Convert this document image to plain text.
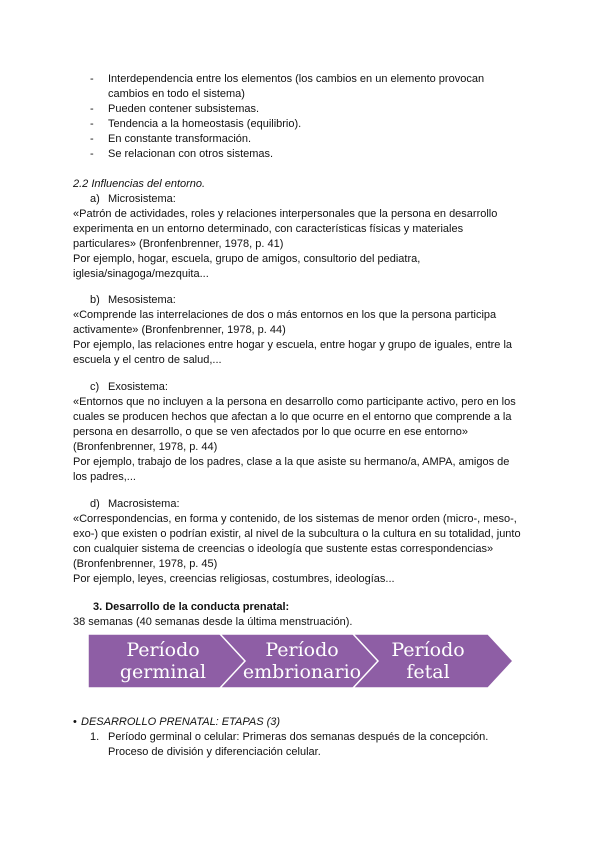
- Interdependencia entre los elementos (los cambios en un elemento provocan
cambios en todo el sistema)
- Pueden contener subsistemas.
- Tendencia a la homeostasis (equilibrio).
- En constante transformación.
- Se relacionan con otros sistemas.
2.2 Influencias del entorno.
a) Microsistema:
«Patrón de actividades, roles y relaciones interpersonales que la persona en desarrollo
experimenta en un entorno determinado, con características físicas y materiales
particulares» (Bronfenbrenner, 1978, p. 41)
Por ejemplo, hogar, escuela, grupo de amigos, consultorio del pediatra,
iglesia/sinagoga/mezquita...
b) Mesosistema:
«Comprende las interrelaciones de dos o más entornos en los que la persona participa
activamente» (Bronfenbrenner, 1978, p. 44)
Por ejemplo, las relaciones entre hogar y escuela, entre hogar y grupo de iguales, entre la
escuela y el centro de salud,...
c) Exosistema:
«Entornos que no incluyen a la persona en desarrollo como participante activo, pero en los
cuales se producen hechos que afectan a lo que ocurre en el entorno que comprende a la
persona en desarrollo, o que se ven afectados por lo que ocurre en ese entorno»
(Bronfenbrenner, 1978, p. 44)
Por ejemplo, trabajo de los padres, clase a la que asiste su hermano/a, AMPA, amigos de
los padres,...
d) Macrosistema:
«Correspondencias, en forma y contenido, de los sistemas de menor orden (micro-, meso-,
exo-) que existen o podrían existir, al nivel de la subcultura o la cultura en su totalidad, junto
con cualquier sistema de creencias o ideología que sustente estas correspondencias»
(Bronfenbrenner, 1978, p. 45)
Por ejemplo, leyes, creencias religiosas, costumbres, ideologías...
3. Desarrollo de la conducta prenatal:
38 semanas (40 semanas desde la última menstruación).
Período
germinal
Período
embrionario
Período
fetal
• DESARROLLO PRENATAL: ETAPAS (3)
1. Período germinal o celular: Primeras dos semanas después de la concepción.
Proceso de división y diferenciación celular.
